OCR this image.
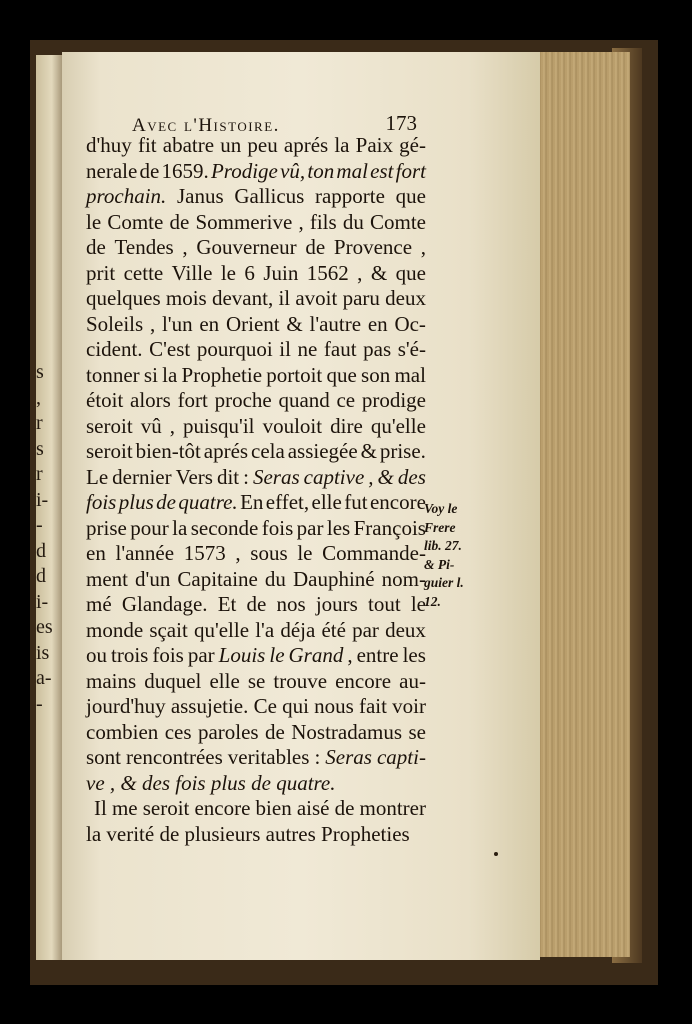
s
,
r
s
r
i-
-
d
d
i-
es
is
a-
-
Avec l'Histoire.	173
d'huy fit abatre un peu aprés la Paix gé-
nerale de 1659. Prodige vû, ton mal est fort
prochain. Janus Gallicus rapporte que
le Comte de Sommerive , fils du Comte
de Tendes , Gouverneur de Provence ,
prit cette Ville le 6 Juin 1562 , & que
quelques mois devant, il avoit paru deux
Soleils , l'un en Orient & l'autre en Oc-
cident. C'est pourquoi il ne faut pas s'é-
tonner si la Prophetie portoit que son mal
étoit alors fort proche quand ce prodige
seroit vû , puisqu'il vouloit dire qu'elle
seroit bien-tôt aprés cela assiegée & prise.
Le dernier Vers dit : Seras captive , & des
fois plus de quatre. En effet, elle fut encore
prise pour la seconde fois par les François
en l'année 1573 , sous le Commande-
ment d'un Capitaine du Dauphiné nom-
mé Glandage. Et de nos jours tout le
monde sçait qu'elle l'a déja été par deux
ou trois fois par Louis le Grand , entre les
mains duquel elle se trouve encore au-
jourd'huy assujetie. Ce qui nous fait voir
combien ces paroles de Nostradamus se
sont rencontrées veritables : Seras capti-
ve , & des fois plus de quatre.
Il me seroit encore bien aisé de montrer
la verité de plusieurs autres Propheties
Voy le
Frere
lib. 27.
& Pi-
guier l.
12.
